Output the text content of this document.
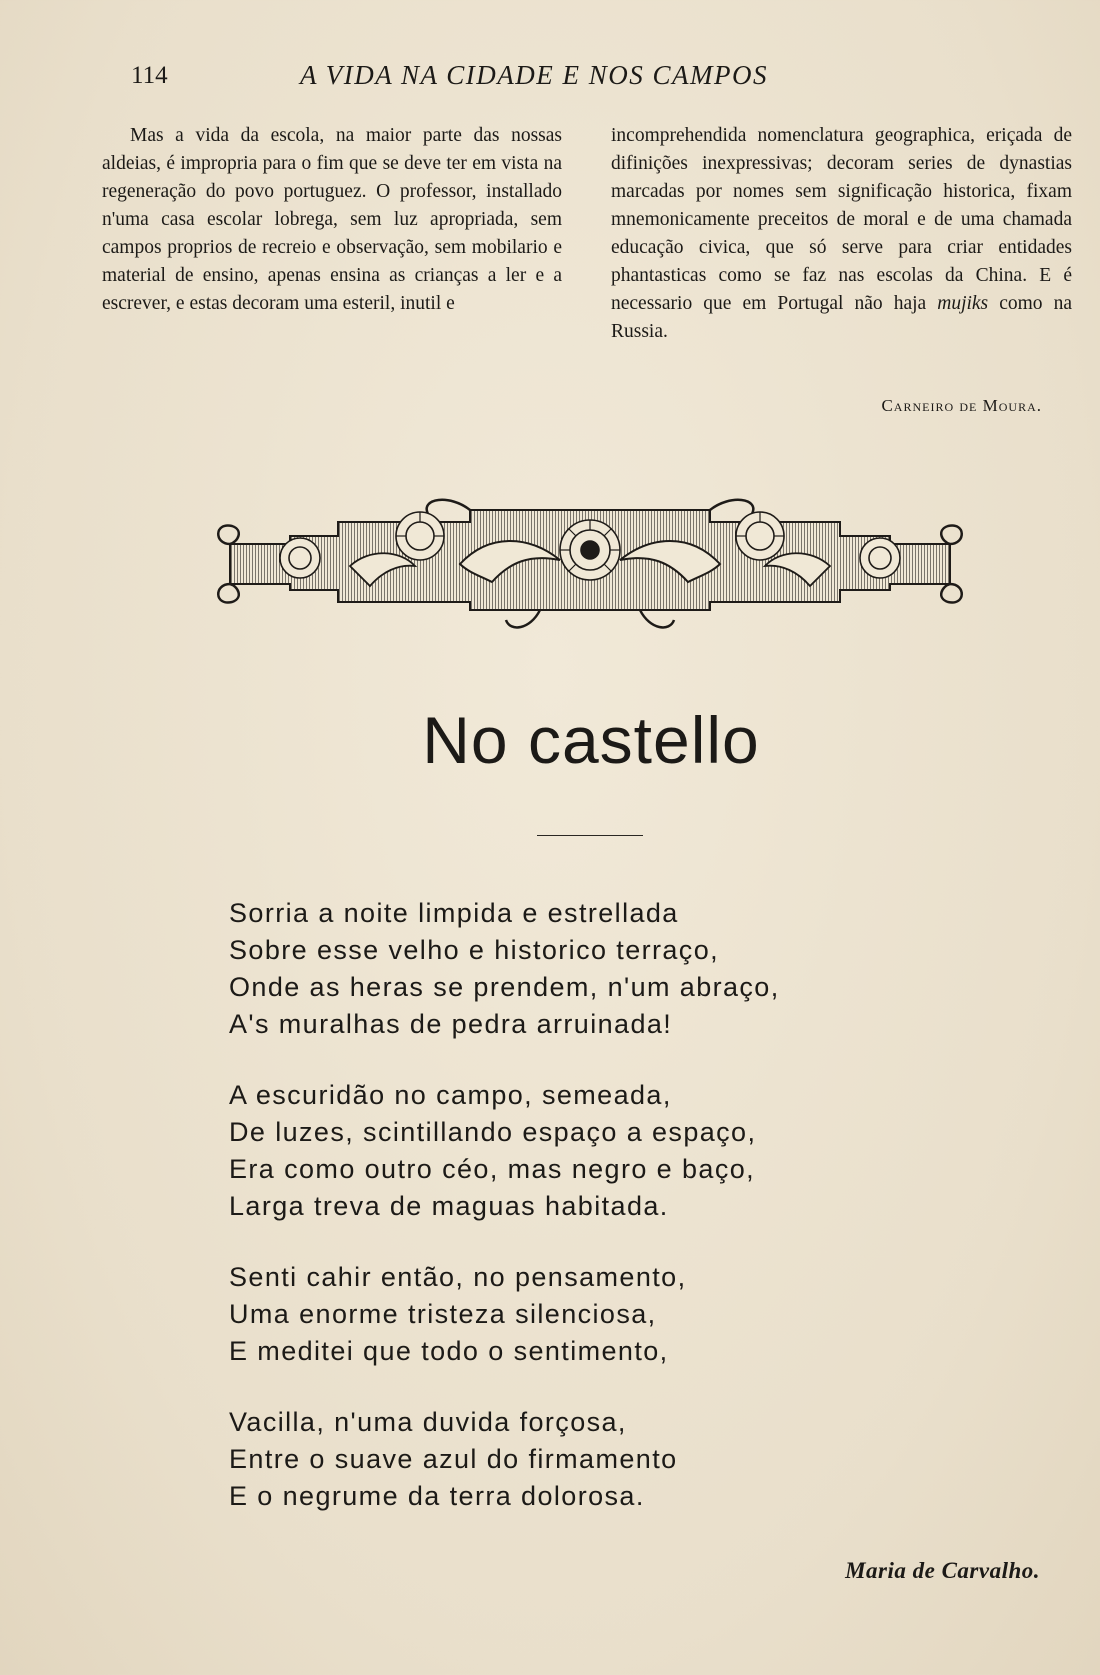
114	A VIDA NA CIDADE E NOS CAMPOS

Mas a vida da escola, na maior parte das nossas aldeias, é impropria para o fim que se deve ter em vista na regeneração do povo portuguez. O professor, installado n'uma casa escolar lobrega, sem luz apropriada, sem campos proprios de recreio e observação, sem mobilario e material de ensino, apenas ensina as crianças a ler e a escrever, e estas decoram uma esteril, inutil e

incomprehendida nomenclatura geographica, eriçada de difinições inexpressivas; decoram series de dynastias marcadas por nomes sem significação historica, fixam mnemonicamente preceitos de moral e de uma chamada educação civica, que só serve para criar entidades phantasticas como se faz nas escolas da China. E é necessario que em Portugal não haja mujiks como na Russia.

Carneiro de Moura.
No castello
Sorria a noite limpida e estrellada
Sobre esse velho e historico terraço,
Onde as heras se prendem, n'um abraço,
A's muralhas de pedra arruinada!
A escuridão no campo, semeada,
De luzes, scintillando espaço a espaço,
Era como outro céo, mas negro e baço,
Larga treva de maguas habitada.
Senti cahir então, no pensamento,
Uma enorme tristeza silenciosa,
E meditei que todo o sentimento,
Vacilla, n'uma duvida forçosa,
Entre o suave azul do firmamento
E o negrume da terra dolorosa.
Maria de Carvalho.
